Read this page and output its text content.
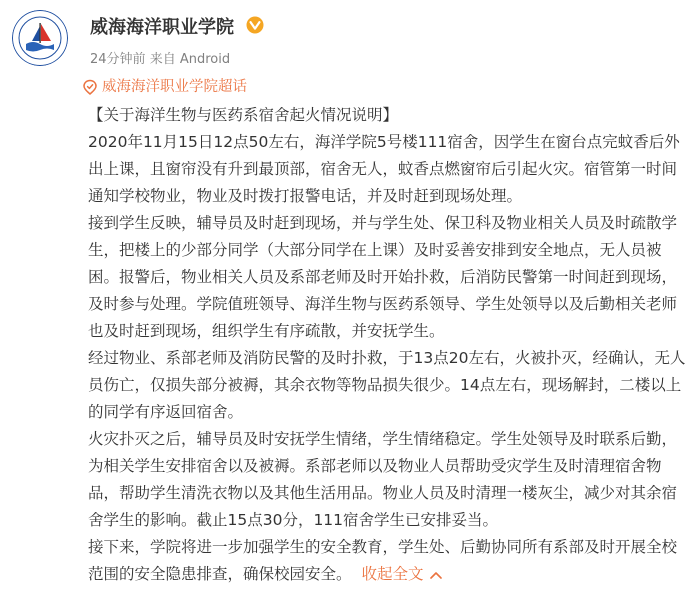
威海海洋职业学院
24分钟前 来自 Android
威海海洋职业学院超话

【关于海洋生物与医药系宿舍起火情况说明】

2020年11月15日12点50左右，海洋学院5号楼111宿舍，因学生在窗台点完蚊香后外出上课，且窗帘没有升到最顶部，宿舍无人，蚊香点燃窗帘后引起火灾。宿管第一时间通知学校物业，物业及时拨打报警电话，并及时赶到现场处理。

接到学生反映，辅导员及时赶到现场，并与学生处、保卫科及物业相关人员及时疏散学生，把楼上的少部分同学（大部分同学在上课）及时妥善安排到安全地点，无人员被困。报警后，物业相关人员及系部老师及时开始扑救，后消防民警第一时间赶到现场，及时参与处理。学院值班领导、海洋生物与医药系领导、学生处领导以及后勤相关老师也及时赶到现场，组织学生有序疏散，并安抚学生。

经过物业、系部老师及消防民警的及时扑救，于13点20左右，火被扑灭，经确认，无人员伤亡，仅损失部分被褥，其余衣物等物品损失很少。14点左右，现场解封，二楼以上的同学有序返回宿舍。

火灾扑灭之后，辅导员及时安抚学生情绪，学生情绪稳定。学生处领导及时联系后勤，为相关学生安排宿舍以及被褥。系部老师以及物业人员帮助受灾学生及时清理宿舍物品，帮助学生清洗衣物以及其他生活用品。物业人员及时清理一楼灰尘，减少对其余宿舍学生的影响。截止15点30分，111宿舍学生已安排妥当。

接下来，学院将进一步加强学生的安全教育，学生处、后勤协同所有系部及时开展全校范围的安全隐患排查，确保校园安全。 收起全文
